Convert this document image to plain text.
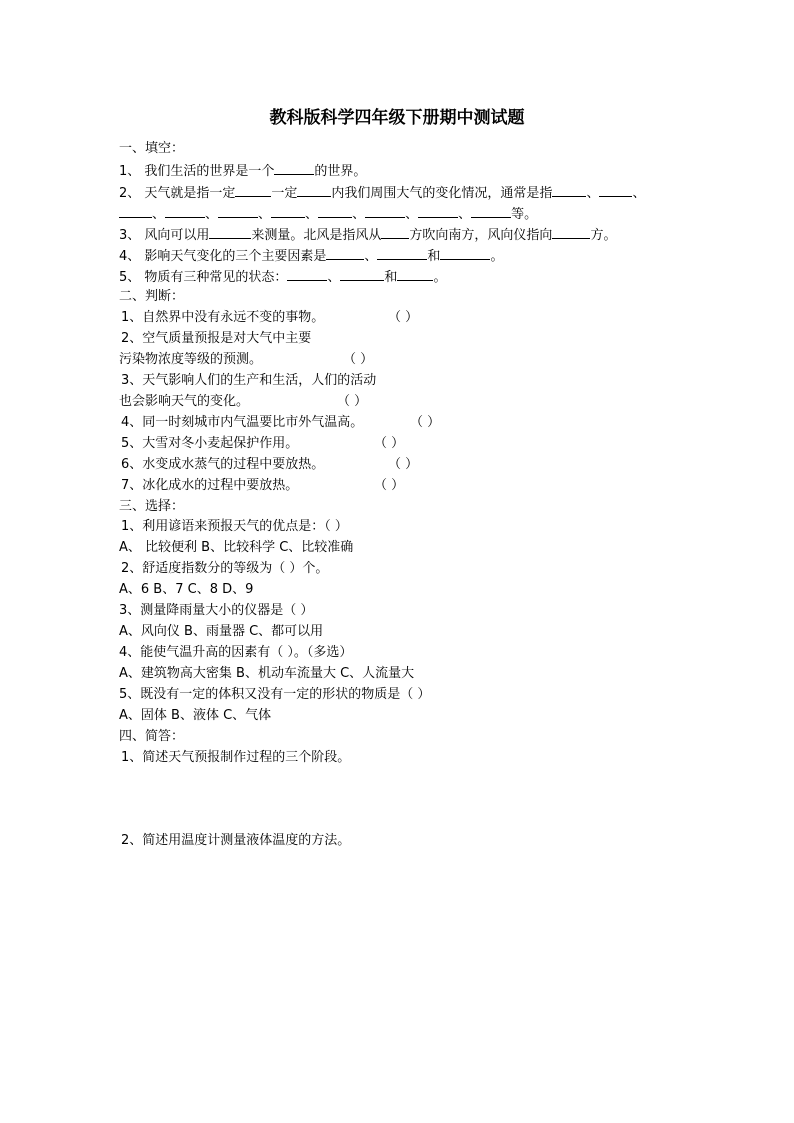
教科版科学四年级下册期中测试题
一、填空：
1、 我们生活的世界是一个	的世界。
2、 天气就是指一定	一定	内我们周围大气的变化情况，通常是指	、	、
、	、	、	、	、	、	、	等。
3、 风向可以用	来测量。北风是指风从 方吹向南方，风向仪指向	方。
4、 影响天气变化的三个主要因素是	、	和	。
5、 物质有三种常见的状态：	、	和	。
二、判断：
1、自然界中没有永远不变的事物。	（ ）
2、空气质量预报是对大气中主要
污染物浓度等级的预测。	（ ）
3、天气影响人们的生产和生活，人们的活动
也会影响天气的变化。	（ ）
4、同一时刻城市内气温要比市外气温高。	（ ）
5、大雪对冬小麦起保护作用。	（ ）
6、水变成水蒸气的过程中要放热。	（ ）
7、冰化成水的过程中要放热。	（ ）
三、选择：
1、利用谚语来预报天气的优点是：（ ）
A、 比较便利 B、比较科学 C、比较准确
2、舒适度指数分的等级为（ ）个。
A、6 B、7 C、8 D、9
3、测量降雨量大小的仪器是（ ）
A、风向仪 B、雨量器 C、都可以用
4、能使气温升高的因素有（ ）。（多选）
A、建筑物高大密集 B、机动车流量大 C、人流量大
5、既没有一定的体积又没有一定的形状的物质是（ ）
A、固体 B、液体 C、气体
四、简答：
1、简述天气预报制作过程的三个阶段。
2、简述用温度计测量液体温度的方法。
